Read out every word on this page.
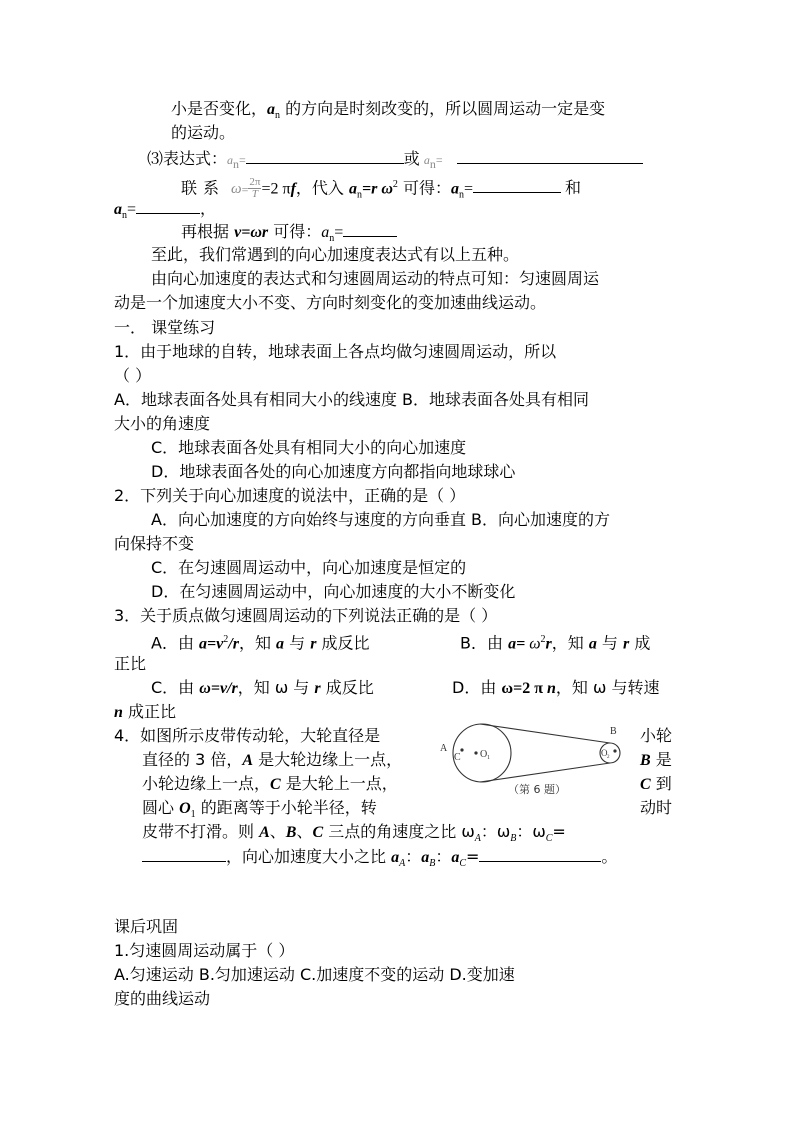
小是否变化，$a_n$ 的方向是时刻改变的，所以圆周运动一定是变
的运动。
⑶表达式：$a_n=$	或 $a_n=$
联系 $\omega= \frac{2\pi}{T} =2$ πf，代入 $a_n=r$ $\omega^2$ 可得：$a_n=$	和
$a_n=$	，
再根据 v=ωr 可得：$a_n=$
至此，我们常遇到的向心加速度表达式有以上五种。
由向心加速度的表达式和匀速圆周运动的特点可知：匀速圆周运
动是一个加速度大小不变、方向时刻变化的变加速曲线运动。
一． 课堂练习
1．由于地球的自转，地球表面上各点均做匀速圆周运动，所以
（ ）
A．地球表面各处具有相同大小的线速度 B．地球表面各处具有相同
大小的角速度
C．地球表面各处具有相同大小的向心加速度
D．地球表面各处的向心加速度方向都指向地球球心
2．下列关于向心加速度的说法中，正确的是（ ）
A．向心加速度的方向始终与速度的方向垂直 B．向心加速度的方
向保持不变
C．在匀速圆周运动中，向心加速度是恒定的
D．在匀速圆周运动中，向心加速度的大小不断变化
3．关于质点做匀速圆周运动的下列说法正确的是（ ）
A．由 $a=v^2/r$，知 a 与 r 成反比	B．由 $a= \omega^2r$，知 a 与 r 成
正比
C．由 ω=v/r，知 ω 与 r 成反比	D．由 ω=2 π n，知 ω 与转速
n 成正比
4．如图所示皮带传动轮，大轮直径是	小轮
直径的 3 倍，A 是大轮边缘上一点，	B 是
小轮边缘上一点，C 是大轮上一点，	C 到
圆心 $O_1$ 的距离等于小轮半径，转	动时
皮带不打滑。则 A、B、C 三点的角速度之比 $\omega_A$：$\omega_B$：$\omega_C=$
，向心加速度大小之比 $a_A$：$a_B$：$a_C=$	。
A
C O 1
B
O 2
（第 6 题）
课后巩固
1.匀速圆周运动属于（ ）
A.匀速运动 B.匀加速运动 C.加速度不变的运动 D.变加速
度的曲线运动
